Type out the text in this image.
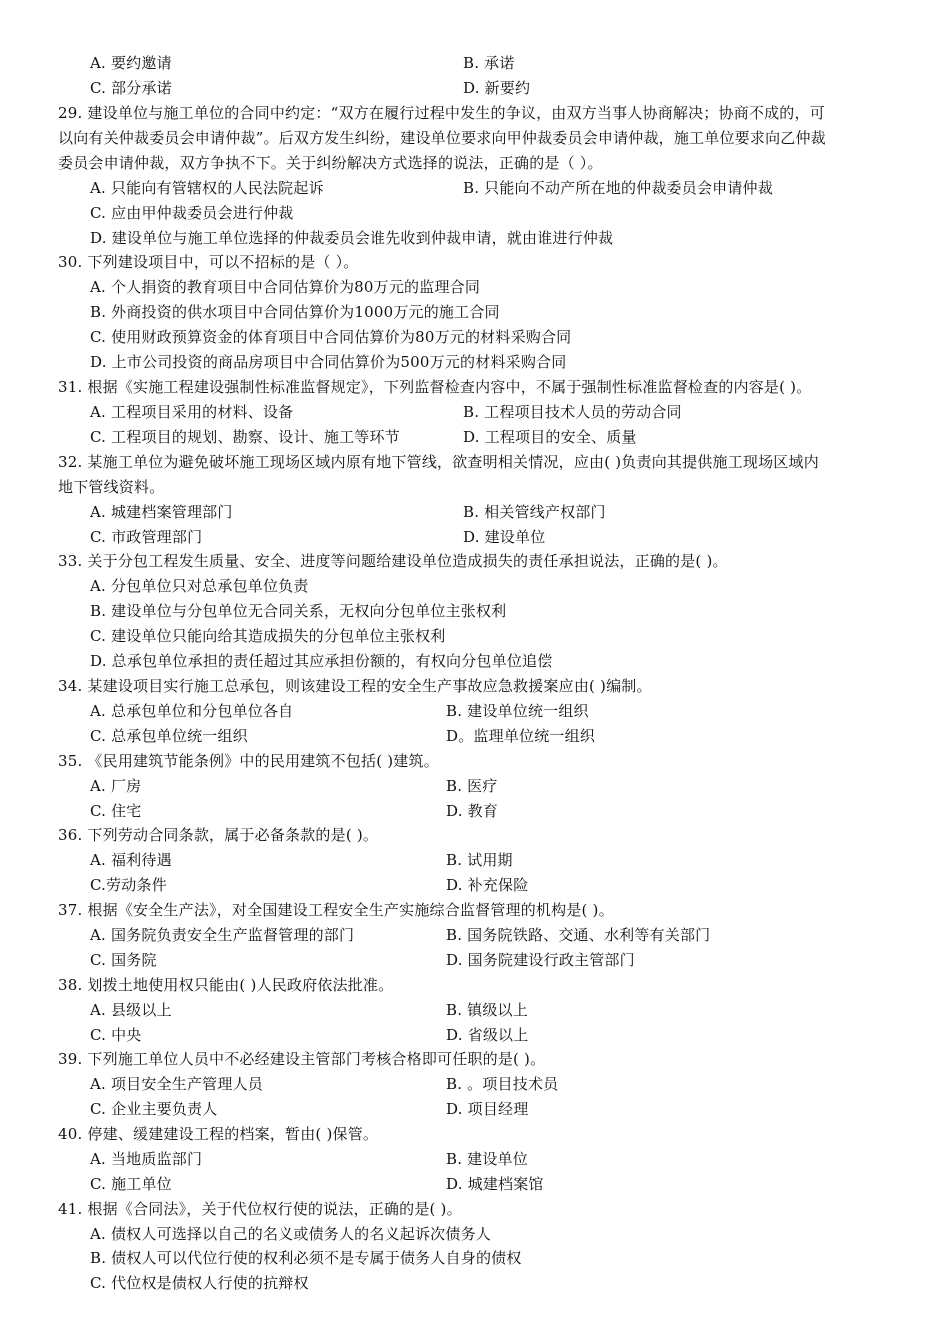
A. 要约邀请	B. 承诺
C. 部分承诺	D. 新要约
29. 建设单位与施工单位的合同中约定：“双方在履行过程中发生的争议，由双方当事人协商解决；协商不成的，可
以向有关仲裁委员会申请仲裁”。后双方发生纠纷，建设单位要求向甲仲裁委员会申请仲裁，施工单位要求向乙仲裁
委员会申请仲裁，双方争执不下。关于纠纷解决方式选择的说法，正确的是（ ）。
A. 只能向有管辖权的人民法院起诉	B. 只能向不动产所在地的仲裁委员会申请仲裁
C. 应由甲仲裁委员会进行仲裁
D. 建设单位与施工单位选择的仲裁委员会谁先收到仲裁申请，就由谁进行仲裁
30. 下列建设项目中，可以不招标的是（ ）。
A. 个人捐资的教育项目中合同估算价为80万元的监理合同
B. 外商投资的供水项目中合同估算价为1000万元的施工合同
C. 使用财政预算资金的体育项目中合同估算价为80万元的材料采购合同
D. 上市公司投资的商品房项目中合同估算价为500万元的材料采购合同
31. 根据《实施工程建设强制性标准监督规定》，下列监督检查内容中，不属于强制性标准监督检查的内容是( )。
A. 工程项目采用的材料、设备	B. 工程项目技术人员的劳动合同
C. 工程项目的规划、勘察、设计、施工等环节	D. 工程项目的安全、质量
32. 某施工单位为避免破坏施工现场区域内原有地下管线，欲查明相关情况，应由( )负责向其提供施工现场区域内
地下管线资料。
A. 城建档案管理部门	B. 相关管线产权部门
C. 市政管理部门	D. 建设单位
33. 关于分包工程发生质量、安全、进度等问题给建设单位造成损失的责任承担说法，正确的是( )。
A. 分包单位只对总承包单位负责
B. 建设单位与分包单位无合同关系，无权向分包单位主张权利
C. 建设单位只能向给其造成损失的分包单位主张权利
D. 总承包单位承担的责任超过其应承担份额的，有权向分包单位追偿
34. 某建设项目实行施工总承包，则该建设工程的安全生产事故应急救援案应由( )编制。
A. 总承包单位和分包单位各自	B. 建设单位统一组织
C. 总承包单位统一组织	D。监理单位统一组织
35. 《民用建筑节能条例》中的民用建筑不包括( )建筑。
A. 厂房	B. 医疗
C. 住宅	D. 教育
36. 下列劳动合同条款，属于必备条款的是( )。
A. 福利待遇	B. 试用期
C.劳动条件	D. 补充保险
37. 根据《安全生产法》，对全国建设工程安全生产实施综合监督管理的机构是( )。
A. 国务院负责安全生产监督管理的部门	B. 国务院铁路、交通、水利等有关部门
C. 国务院	D. 国务院建设行政主管部门
38. 划拨土地使用权只能由( )人民政府依法批准。
A. 县级以上	B. 镇级以上
C. 中央	D. 省级以上
39. 下列施工单位人员中不必经建设主管部门考核合格即可任职的是( )。
A. 项目安全生产管理人员	B. 。项目技术员
C. 企业主要负责人	D. 项目经理
40. 停建、缓建建设工程的档案，暂由( )保管。
A. 当地质监部门	B. 建设单位
C. 施工单位	D. 城建档案馆
41. 根据《合同法》，关于代位权行使的说法，正确的是( )。
A. 债权人可选择以自己的名义或债务人的名义起诉次债务人
B. 债权人可以代位行使的权利必须不是专属于债务人自身的债权
C. 代位权是债权人行使的抗辩权
